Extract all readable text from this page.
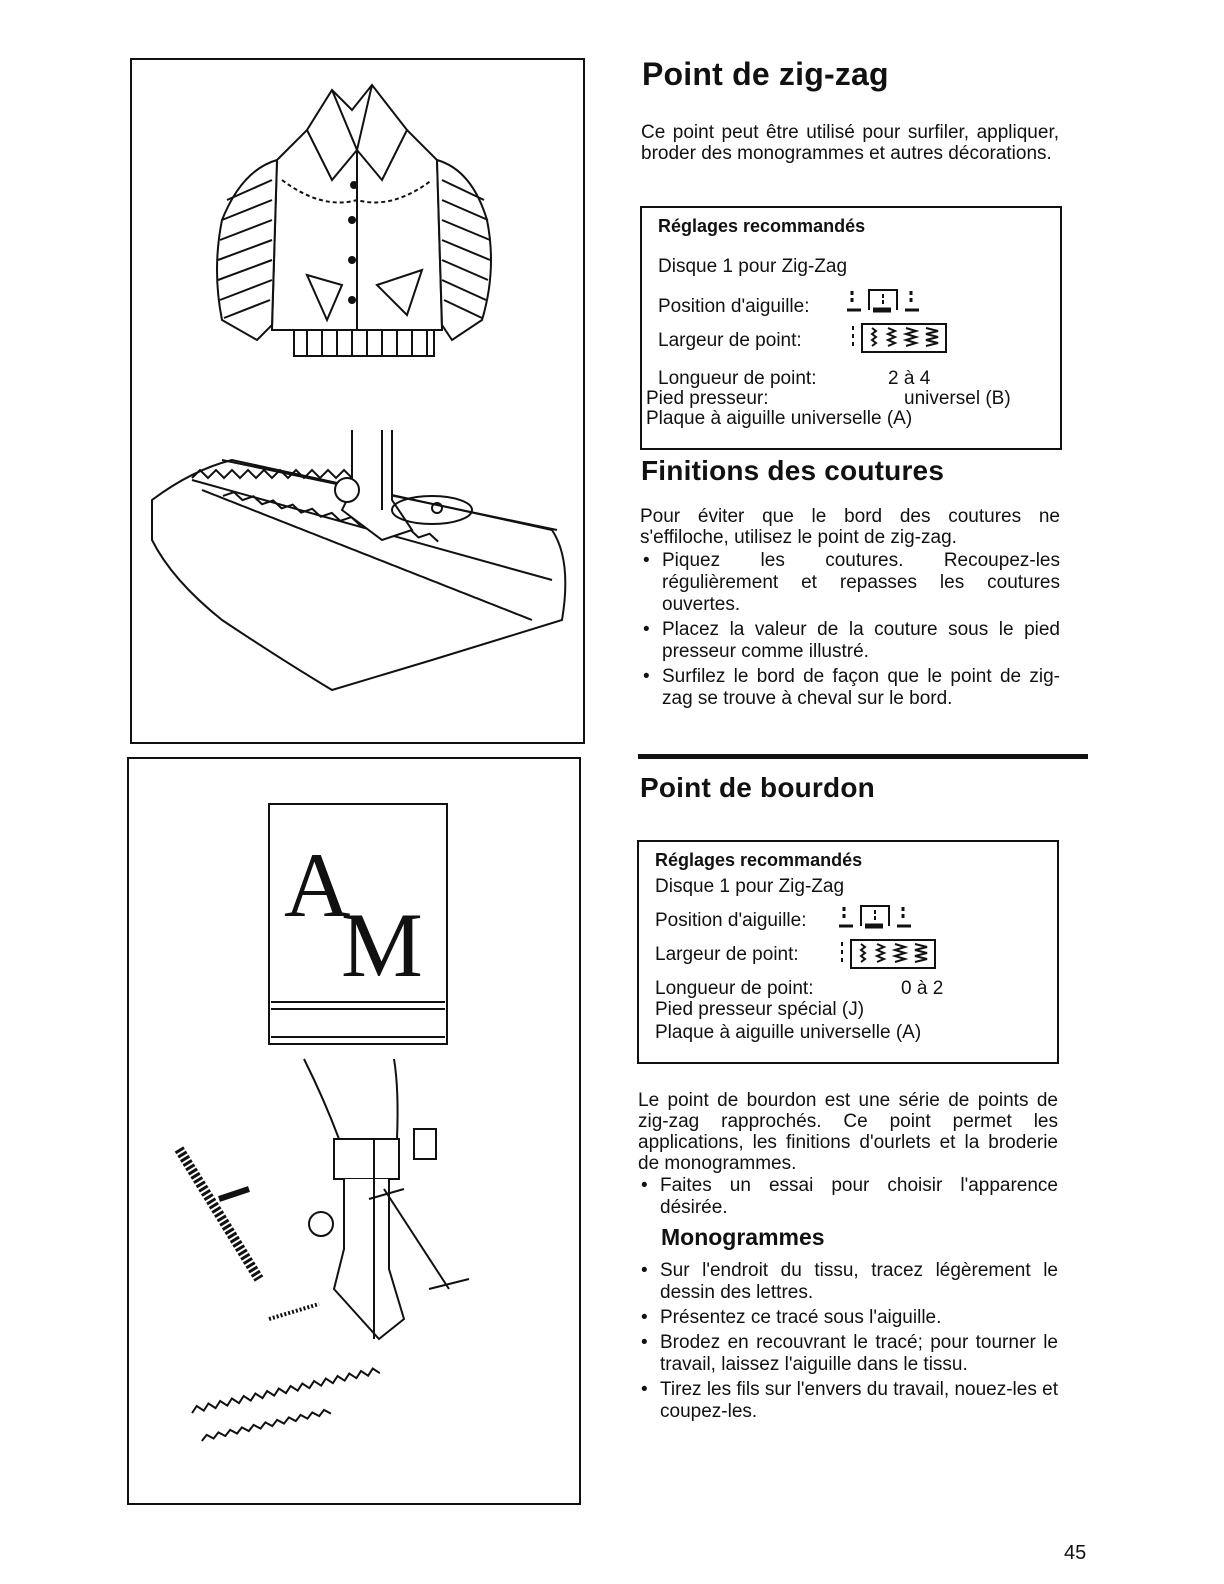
A
M
Point de zig-zag
Ce point peut être utilisé pour surfiler, appliquer, broder des monogrammes et autres décorations.
Réglages recommandés
Disque 1 pour Zig-Zag
Position d'aiguille:
Largeur de point:
Longueur de point:	2 à 4
Pied presseur:	universel (B)
Plaque à aiguille universelle (A)
Finitions des coutures
Pour éviter que le bord des coutures ne s'effiloche, utilisez le point de zig-zag.
• Piquez les coutures. Recoupez-les régulièrement et repasses les coutures ouvertes.
• Placez la valeur de la couture sous le pied presseur comme illustré.
• Surfilez le bord de façon que le point de zig-zag se trouve à cheval sur le bord.
Point de bourdon
Réglages recommandés
Disque 1 pour Zig-Zag
Position d'aiguille:
Largeur de point:
Longueur de point:	0 à 2
Pied presseur spécial (J)
Plaque à aiguille universelle (A)
Le point de bourdon est une série de points de zig-zag rapprochés. Ce point permet les applications, les finitions d'ourlets et la broderie de monogrammes.
• Faites un essai pour choisir l'apparence désirée.
Monogrammes
• Sur l'endroit du tissu, tracez légèrement le dessin des lettres.
• Présentez ce tracé sous l'aiguille.
• Brodez en recouvrant le tracé; pour tourner le travail, laissez l'aiguille dans le tissu.
• Tirez les fils sur l'envers du travail, nouez-les et coupez-les.
45
